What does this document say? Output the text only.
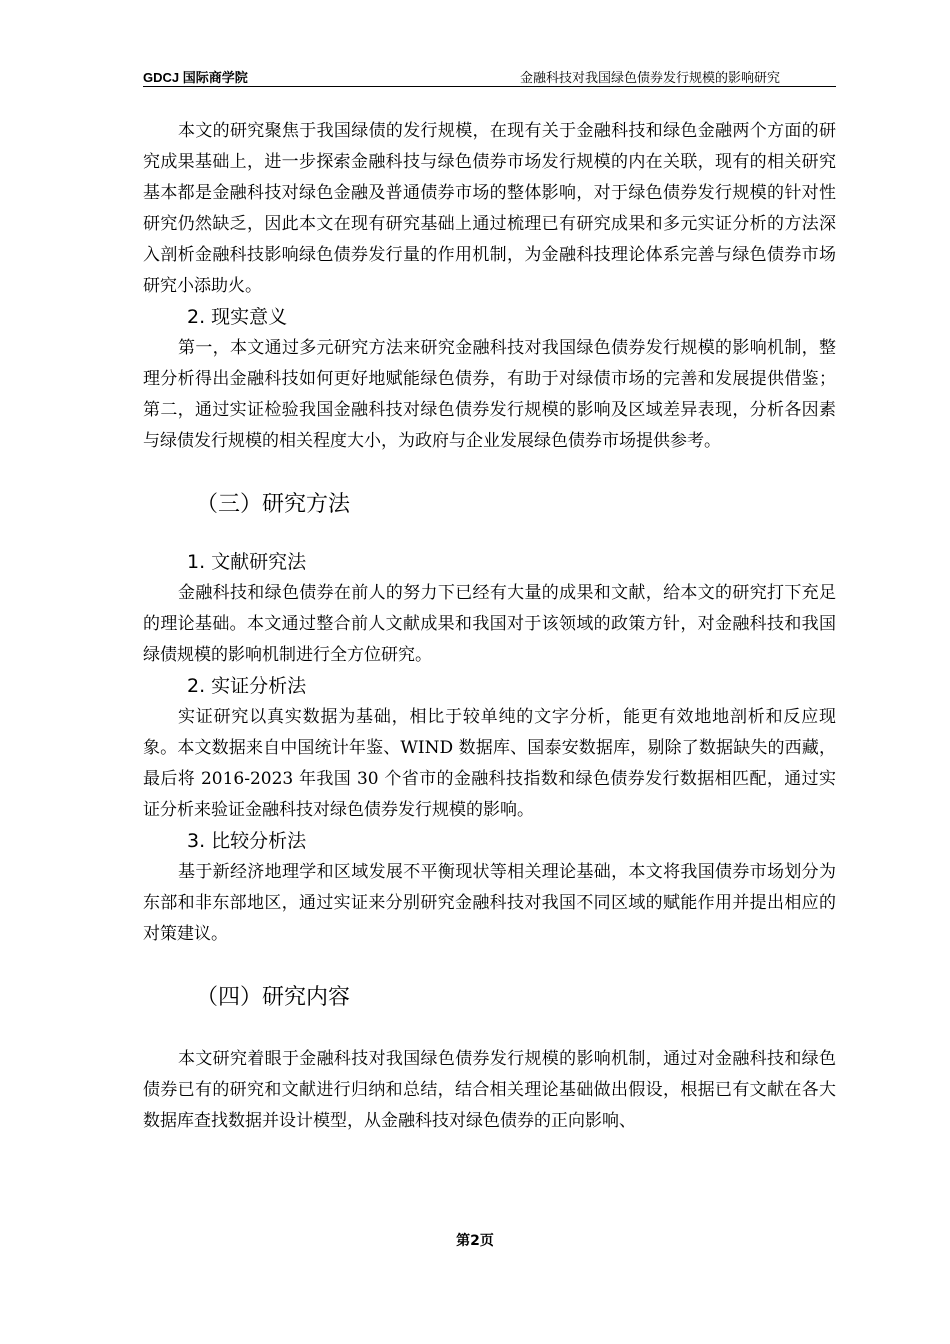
GDCJ 国际商学院	金融科技对我国绿色债券发行规模的影响研究

本文的研究聚焦于我国绿债的发行规模，在现有关于金融科技和绿色金融两个方面的研究成果基础上，进一步探索金融科技与绿色债券市场发行规模的内在关联，现有的相关研究基本都是金融科技对绿色金融及普通债券市场的整体影响，对于绿色债券发行规模的针对性研究仍然缺乏，因此本文在现有研究基础上通过梳理已有研究成果和多元实证分析的方法深入剖析金融科技影响绿色债券发行量的作用机制，为金融科技理论体系完善与绿色债券市场研究小添助火。

2. 现实意义

第一，本文通过多元研究方法来研究金融科技对我国绿色债券发行规模的影响机制，整理分析得出金融科技如何更好地赋能绿色债券，有助于对绿债市场的完善和发展提供借鉴；第二，通过实证检验我国金融科技对绿色债券发行规模的影响及区域差异表现，分析各因素与绿债发行规模的相关程度大小，为政府与企业发展绿色债券市场提供参考。

（三）研究方法
1. 文献研究法

金融科技和绿色债券在前人的努力下已经有大量的成果和文献，给本文的研究打下充足的理论基础。本文通过整合前人文献成果和我国对于该领域的政策方针，对金融科技和我国绿债规模的影响机制进行全方位研究。

2. 实证分析法

实证研究以真实数据为基础，相比于较单纯的文字分析，能更有效地地剖析和反应现象。本文数据来自中国统计年鉴、WIND 数据库、国泰安数据库，剔除了数据缺失的西藏，最后将 2016-2023 年我国 30 个省市的金融科技指数和绿色债券发行数据相匹配，通过实证分析来验证金融科技对绿色债券发行规模的影响。

3. 比较分析法

基于新经济地理学和区域发展不平衡现状等相关理论基础，本文将我国债券市场划分为东部和非东部地区，通过实证来分别研究金融科技对我国不同区域的赋能作用并提出相应的对策建议。

（四）研究内容

本文研究着眼于金融科技对我国绿色债券发行规模的影响机制，通过对金融科技和绿色债券已有的研究和文献进行归纳和总结，结合相关理论基础做出假设，根据已有文献在各大数据库查找数据并设计模型，从金融科技对绿色债券的正向影响、

第2页
